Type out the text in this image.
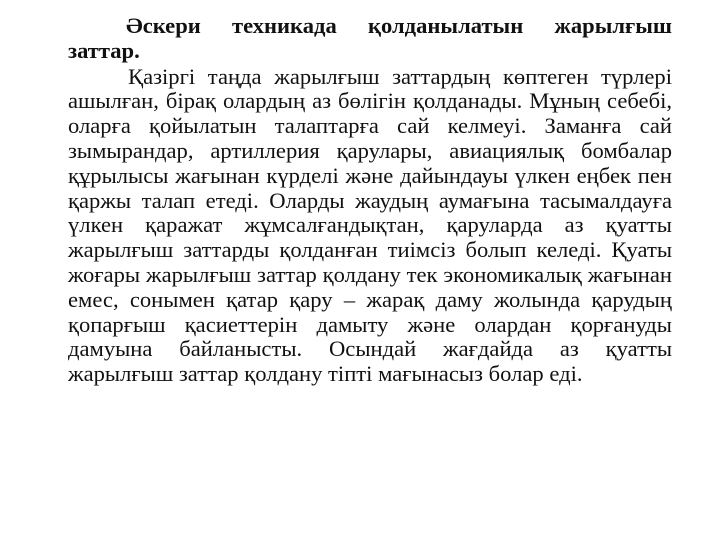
Әскери техникада қолданылатын жарылғыш заттар.

Қазіргі таңда жарылғыш заттардың көптеген түрлері ашылған, бірақ олардың аз бөлігін қолданады. Мұның себебі, оларға қойылатын талаптарға сай келмеуі. Заманға сай зымырандар, артиллерия қарулары, авиациялық бомбалар құрылысы жағынан күрделі және дайындауы үлкен еңбек пен қаржы талап етеді. Оларды жаудың аумағына тасымалдауға үлкен қаражат жұмсалғандықтан, қаруларда аз қуатты жарылғыш заттарды қолданған тиімсіз болып келеді. Қуаты жоғары жарылғыш заттар қолдану тек экономикалық жағынан емес, сонымен қатар қару – жарақ даму жолында қарудың қопарғыш қасиеттерін дамыту және олардан қорғануды дамуына байланысты. Осындай жағдайда аз қуатты жарылғыш заттар қолдану тіпті мағынасыз болар еді.
